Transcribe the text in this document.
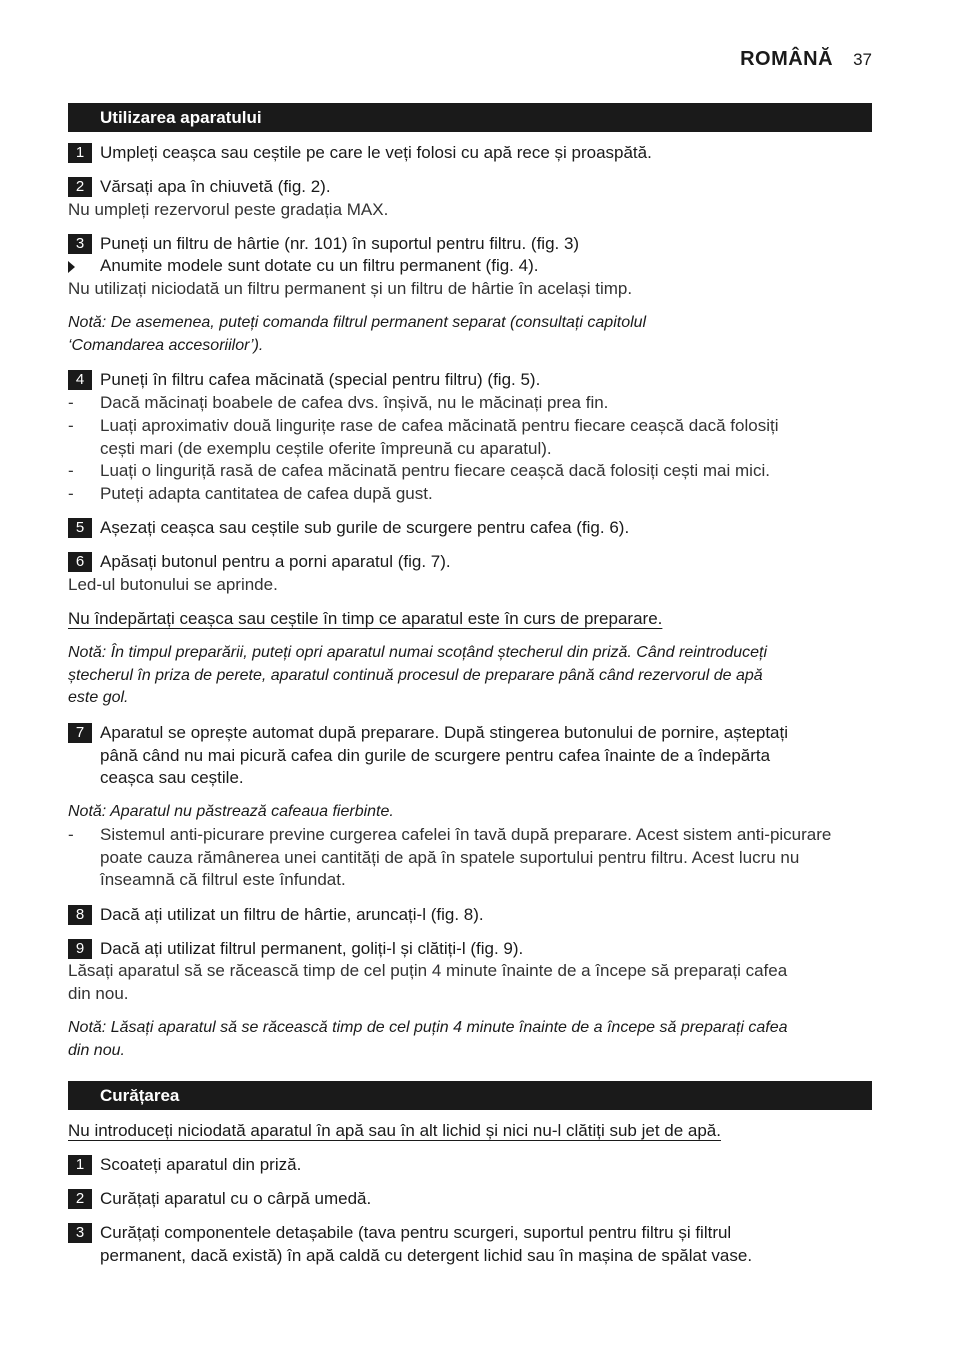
ROMÂNĂ 37
Utilizarea aparatului
1 Umpleți ceașca sau ceștile pe care le veți folosi cu apă rece și proaspătă.
2 Vărsați apa în chiuvetă (fig. 2).
Nu umpleți rezervorul peste gradația MAX.
3 Puneți un filtru de hârtie (nr. 101) în suportul pentru filtru. (fig. 3)
Anumite modele sunt dotate cu un filtru permanent (fig. 4).
Nu utilizați niciodată un filtru permanent și un filtru de hârtie în același timp.
Notă: De asemenea, puteți comanda filtrul permanent separat (consultați capitolul
‘Comandarea accesoriilor’).
4 Puneți în filtru cafea măcinată (special pentru filtru) (fig. 5).
-	Dacă măcinați boabele de cafea dvs. înșivă, nu le măcinați prea fin.
-	Luați aproximativ două lingurițe rase de cafea măcinată pentru fiecare ceașcă dacă folosiți
cești mari (de exemplu ceștile oferite împreună cu aparatul).
-	Luați o linguriță rasă de cafea măcinată pentru fiecare ceașcă dacă folosiți cești mai mici.
-	Puteți adapta cantitatea de cafea după gust.
5 Așezați ceașca sau ceștile sub gurile de scurgere pentru cafea (fig. 6).
6 Apăsați butonul pentru a porni aparatul (fig. 7).
Led-ul butonului se aprinde.
Nu îndepărtați ceașca sau ceștile în timp ce aparatul este în curs de preparare.
Notă: În timpul preparării, puteți opri aparatul numai scoțând ștecherul din priză. Când reintroduceți
ștecherul în priza de perete, aparatul continuă procesul de preparare până când rezervorul de apă
este gol.
7 Aparatul se oprește automat după preparare. După stingerea butonului de pornire, așteptați
până când nu mai picură cafea din gurile de scurgere pentru cafea înainte de a îndepărta
ceașca sau ceștile.
Notă: Aparatul nu păstrează cafeaua fierbinte.
-	Sistemul anti-picurare previne curgerea cafelei în tavă după preparare. Acest sistem anti-picurare
poate cauza rămânerea unei cantități de apă în spatele suportului pentru filtru. Acest lucru nu
înseamnă că filtrul este înfundat.
8 Dacă ați utilizat un filtru de hârtie, aruncați-l (fig. 8).
9 Dacă ați utilizat filtrul permanent, goliți-l și clătiți-l (fig. 9).
Lăsați aparatul să se răcească timp de cel puțin 4 minute înainte de a începe să preparați cafea
din nou.
Notă: Lăsați aparatul să se răcească timp de cel puțin 4 minute înainte de a începe să preparați cafea
din nou.
Curățarea
Nu introduceți niciodată aparatul în apă sau în alt lichid și nici nu-l clătiți sub jet de apă.
1 Scoateți aparatul din priză.
2 Curățați aparatul cu o cârpă umedă.
3 Curățați componentele detașabile (tava pentru scurgeri, suportul pentru filtru și filtrul
permanent, dacă există) în apă caldă cu detergent lichid sau în mașina de spălat vase.
